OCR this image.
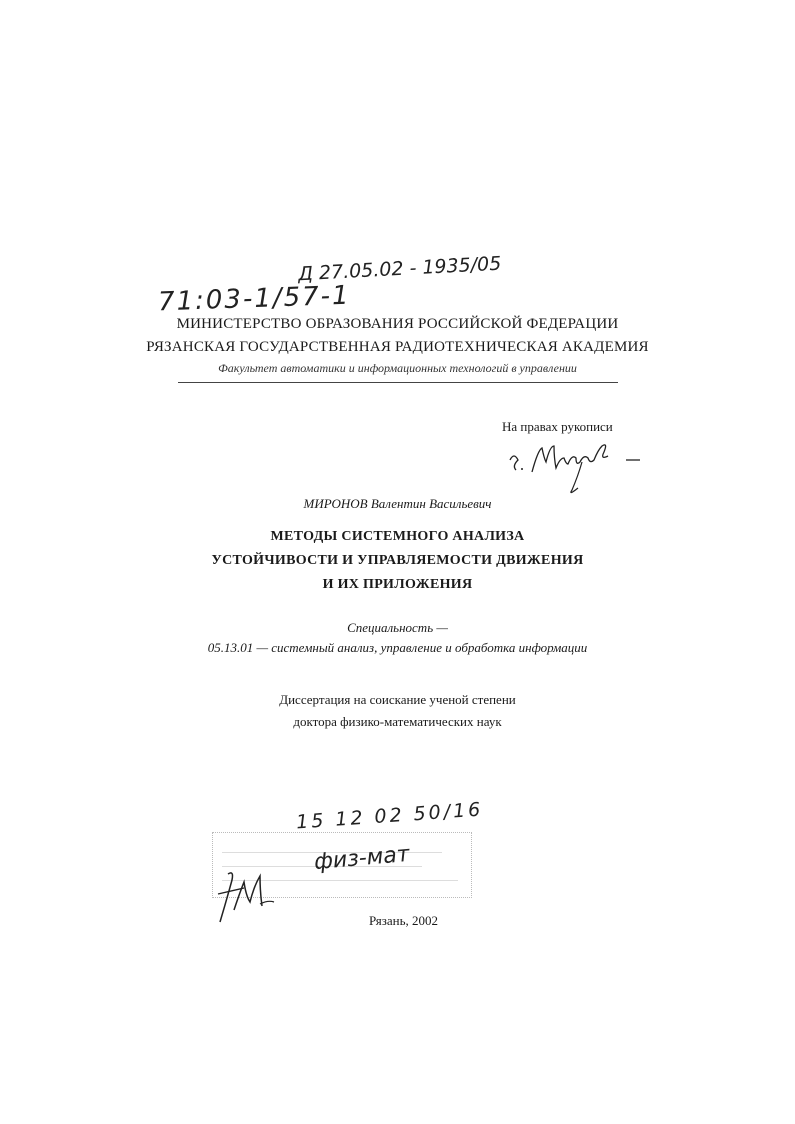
Д 27.05.02 - 1935/05
71:03-1/57-1
МИНИСТЕРСТВО ОБРАЗОВАНИЯ РОССИЙСКОЙ ФЕДЕРАЦИИ
РЯЗАНСКАЯ ГОСУДАРСТВЕННАЯ РАДИОТЕХНИЧЕСКАЯ АКАДЕМИЯ
Факультет автоматики и информационных технологий в управлении
На правах рукописи
МИРОНОВ Валентин Васильевич
МЕТОДЫ СИСТЕМНОГО АНАЛИЗА
УСТОЙЧИВОСТИ И УПРАВЛЯЕМОСТИ ДВИЖЕНИЯ
И ИХ ПРИЛОЖЕНИЯ
Специальность —
05.13.01 — системный анализ, управление и обработка информации
Диссертация на соискание ученой степени
доктора физико-математических наук
15 12 02 50/16
физ-мат
Рязань, 2002
